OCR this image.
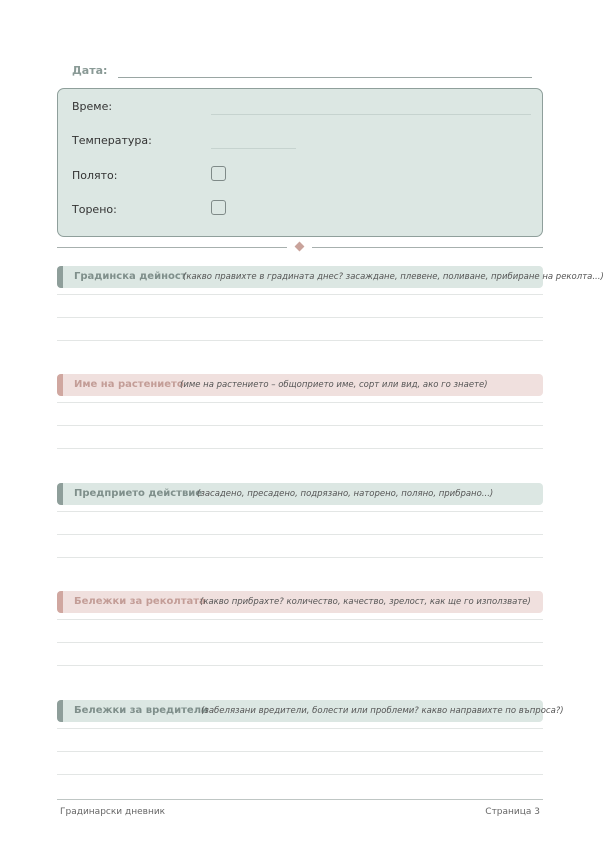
Дата:
Време:
Температура:
Полято:
Торено:
Градинска дейност
(какво правихте в градината днес? засаждане, плевене, поливане, прибиране на реколта...)
Име на растението
(име на растението – общоприето име, сорт или вид, ако го знаете)
Предприето действие
(засадено, пресадено, подрязано, наторено, поляно, прибрано...)
Бележки за реколтата
(какво прибрахте? количество, качество, зрелост, как ще го използвате)
Бележки за вредители
(забелязани вредители, болести или проблеми? какво направихте по въпроса?)
Градинарски дневник	Страница 3
